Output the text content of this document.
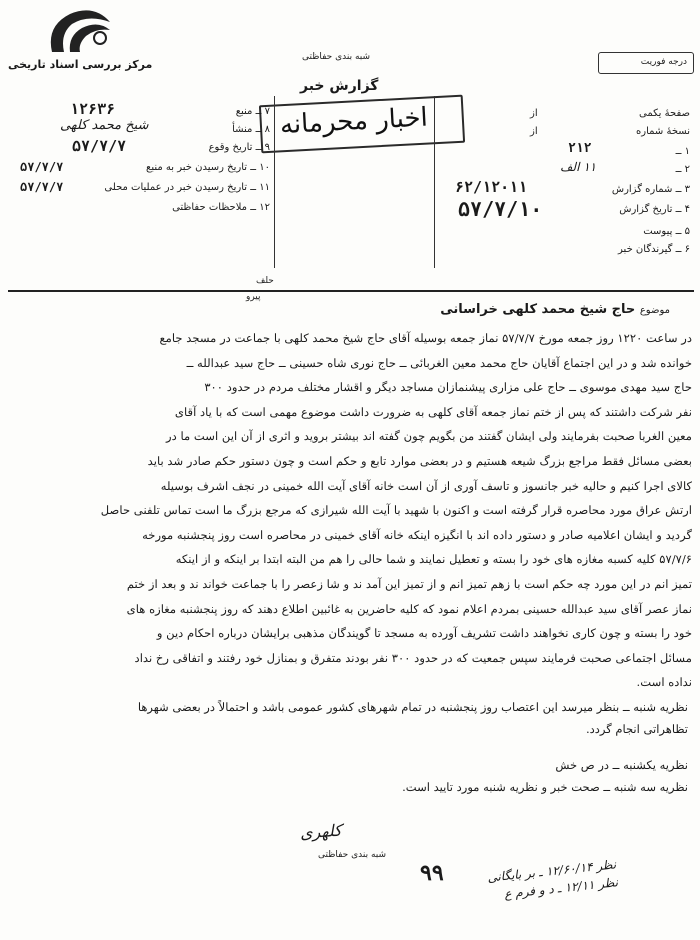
مرکز بررسی اسناد تاریخی
شبه بندی حفاظتی
گزارش خبر
اخبار محرمانه
درجه فوریت
۷ ــ منبع
۱۲۶۳۶
۸ ــ منشأ
شیخ محمد کلهی
۹ ــ تاریخ وقوع
۵۷/۷/۷
۱۰ ــ تاریخ رسیدن خبر به منبع
۵۷/۷/۷
۱۱ ــ تاریخ رسیدن خبر در عملیات محلی
۵۷/۷/۷
۱۲ ــ ملاحظات حفاظتی
صفحهٔ یکمی
از
نسخهٔ شماره
از
۱ ــ
۲۱۲
۲ ــ
۱۱ الف
۳ ــ شماره گزارش
۶۲/۱۲۰۱۱
۴ ــ تاریخ گزارش
۵۷/۷/۱۰
۵ ــ پیوست
۶ ــ گیرندگان خبر
حلف
پیرو
موضوع حاج شیخ محمد کلهی خراسانی

در ساعت ۱۲۲۰ روز جمعه مورخ ۵۷/۷/۷ نماز جمعه بوسیله آقای حاج شیخ محمد کلهی با جماعت در مسجد جامع

خوانده شد و در این اجتماع آقایان حاج محمد معین الغربائی ــ حاج نوری شاه حسینی ــ حاج سید عبدالله ــ

حاج سید مهدی موسوی ــ حاج علی مزاری پیشنمازان مساجد دیگر و اقشار مختلف مردم در حدود ۳۰۰

نفر شرکت داشتند که پس از ختم نماز جمعه آقای کلهی به ضرورت داشت موضوع مهمی است که با یاد آقای

معین الغربا صحبت بفرمایند ولی ایشان گفتند من بگویم چون گفته اند بیشتر بروید و اثری از آن این است ما در

بعضی مسائل فقط مراجع بزرگ شیعه هستیم و در بعضی موارد تابع و حکم است و چون دستور حکم صادر شد باید

کالای اجرا کنیم و حالیه خبر جانسوز و تاسف آوری از آن است خانه آقای آیت الله خمینی در نجف اشرف بوسیله

ارتش عراق مورد محاصره قرار گرفته است و اکنون با شهید با آیت الله شیرازی که مرجع بزرگ ما است تماس تلفنی حاصل

گردید و ایشان اعلامیه صادر و دستور داده اند با انگیزه اینکه خانه آقای خمینی در محاصره است روز پنجشنبه مورخه

۵۷/۷/۶ کلیه کسبه مغازه های خود را بسته و تعطیل نمایند و شما حالی را هم من البته ابتدا بر اینکه و از اینکه

تمیز انم در این مورد چه حکم است با زهم تمیز انم و از تمیز این آمد ند و شا زعصر را با جماعت خواند ند و بعد از ختم

نماز عصر آقای سید عبدالله حسینی بمردم اعلام نمود که کلیه حاضرین به غائبین اطلاع دهند که روز پنجشنبه مغازه های

خود را بسته و چون کاری نخواهند داشت تشریف آورده به مسجد تا گویندگان مذهبی برایشان درباره احکام دین و

مسائل اجتماعی صحبت فرمایند سپس جمعیت که در حدود ۳۰۰ نفر بودند متفرق و بمنازل خود رفتند و اتفاقی رخ نداد

نداده است.

نظریه شنبه ــ بنظر میرسد این اعتصاب روز پنجشنبه در تمام شهرهای کشور عمومی باشد و احتمالاً در بعضی شهرها
تظاهراتی انجام گردد.
نظریه یکشنبه ــ در ص خش
نظریه سه شنبه ــ صحت خبر و نظریه شنبه مورد تایید است.
کلهری
شبه بندی حفاظتی
۹۹	نظر ۱۲/۶۰/۱۴ ـ بر بایگانی
نظر ۱۲/۱۱ ـ د و فرم ع
